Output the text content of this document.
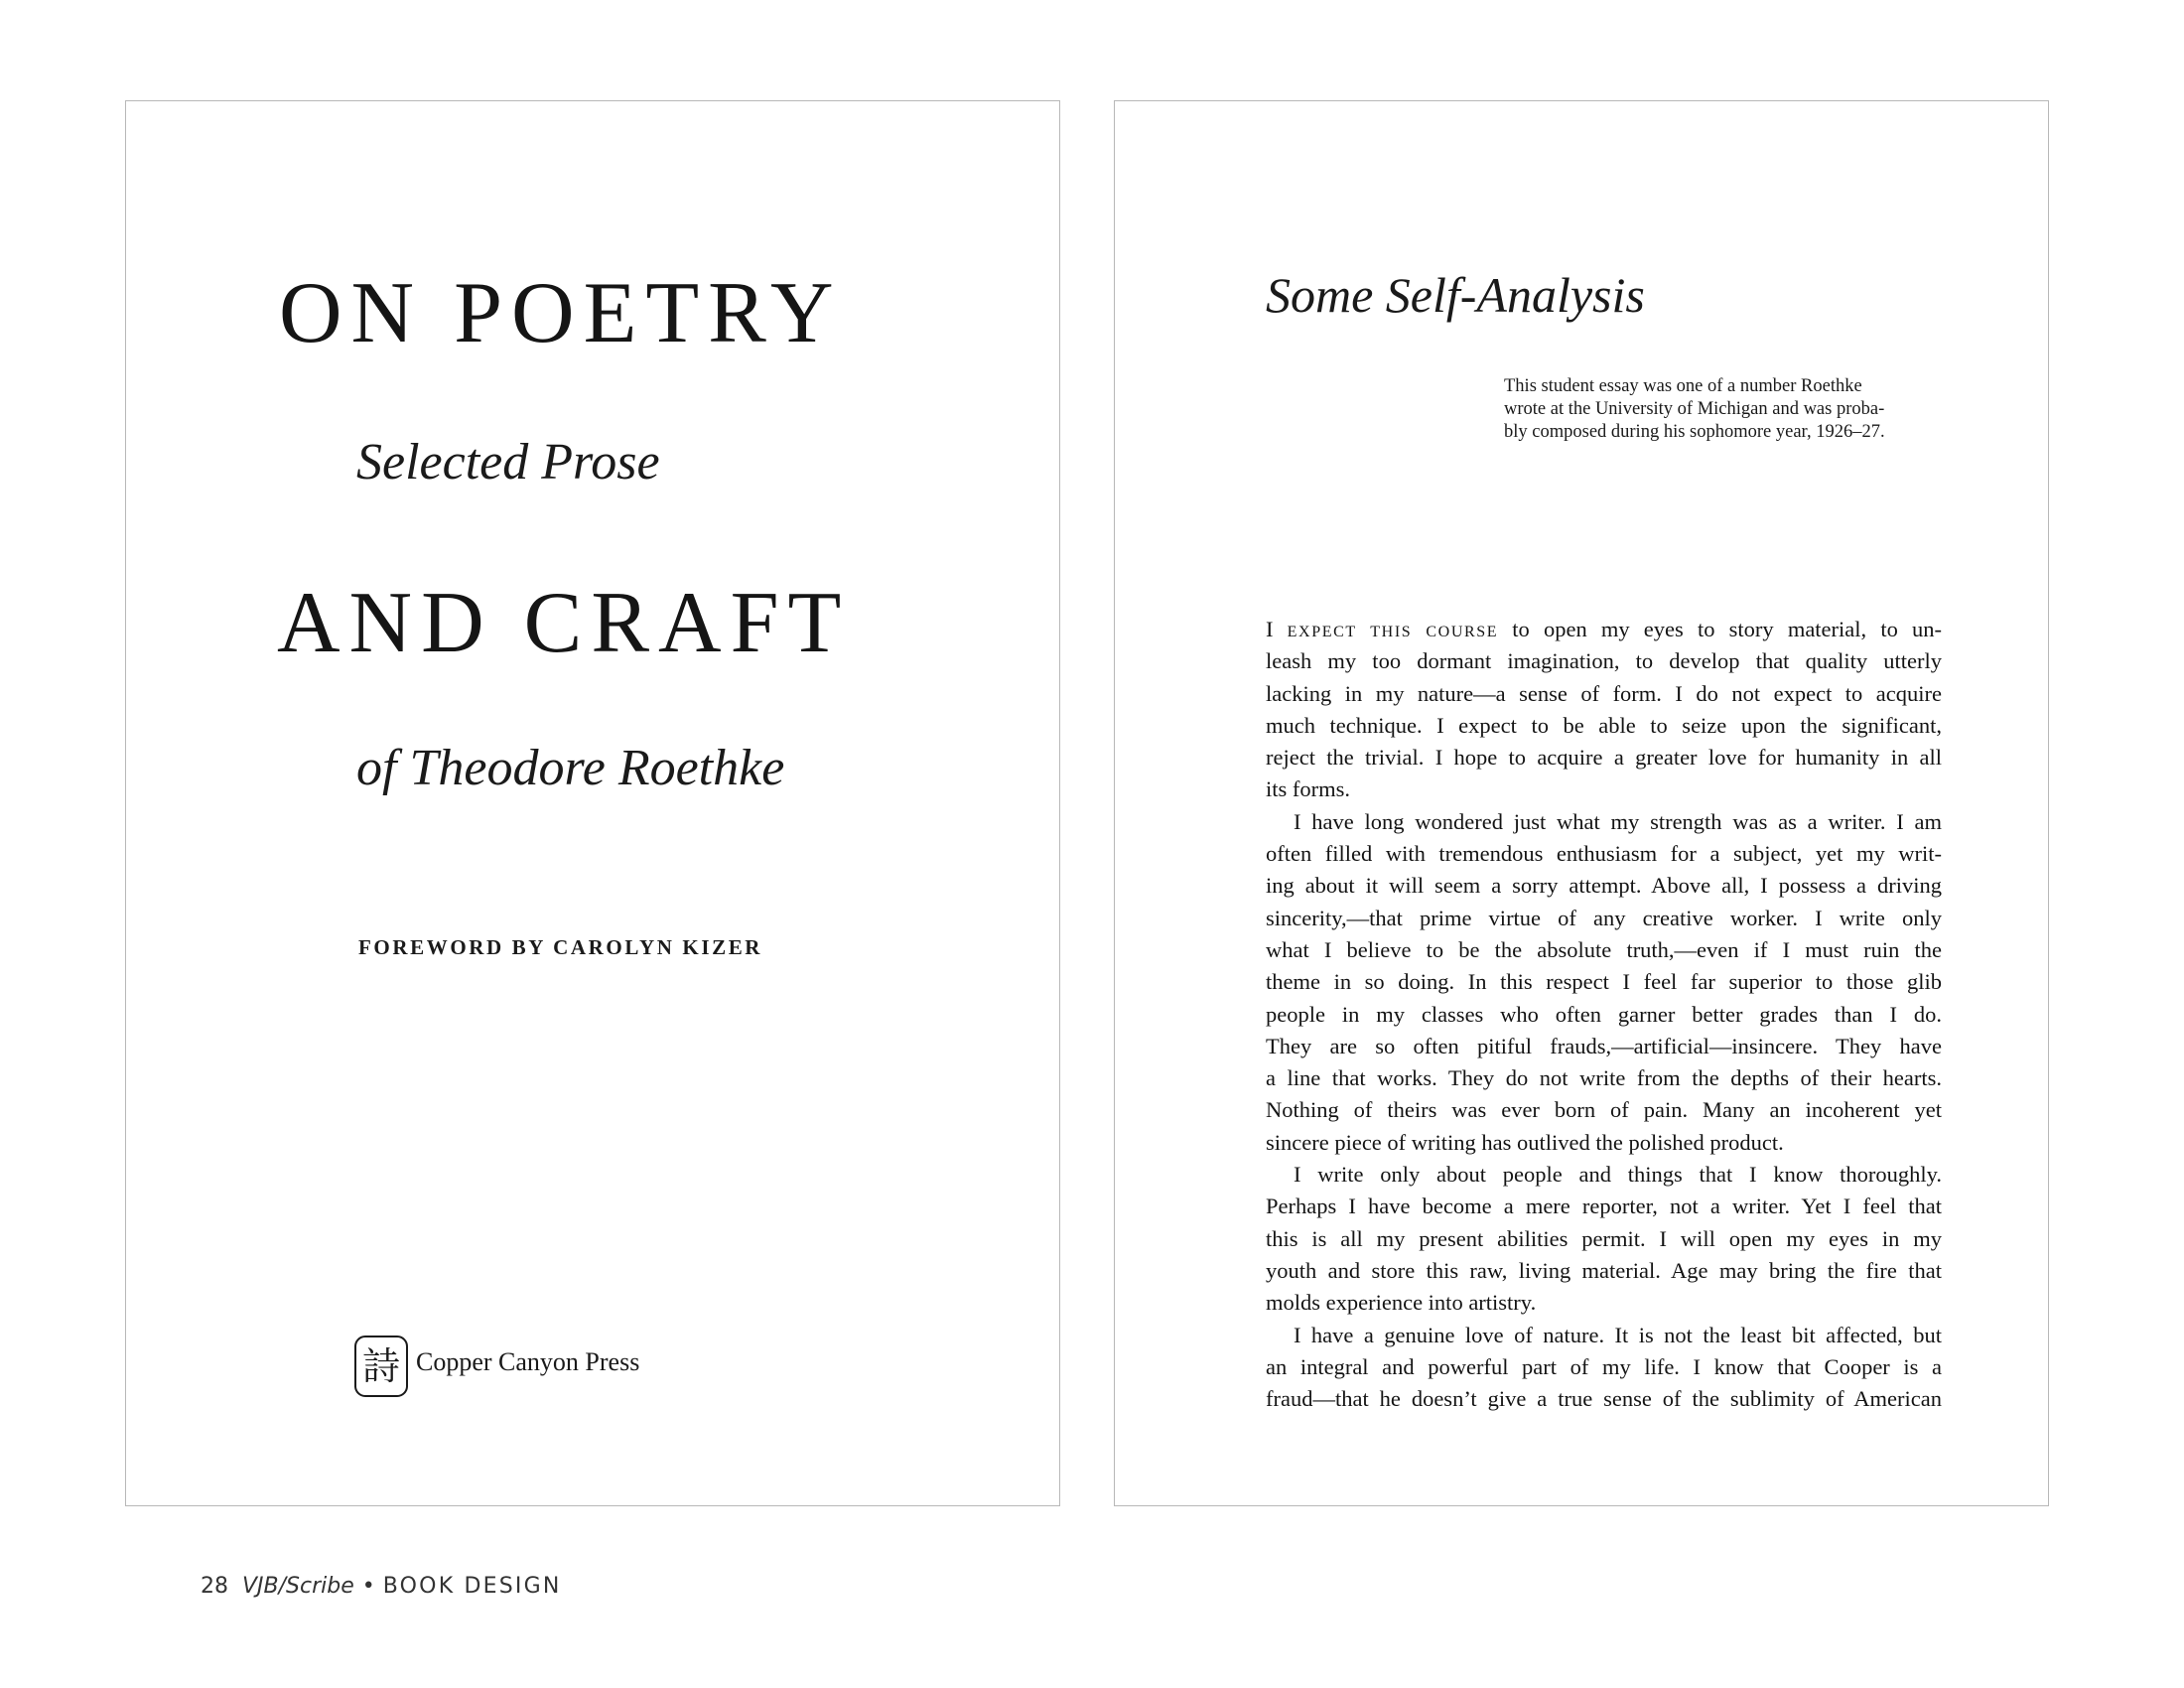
ON POETRY
Selected Prose
AND CRAFT
of Theodore Roethke
FOREWORD BY CAROLYN KIZER
詩 Copper Canyon Press
Some Self-Analysis
This student essay was one of a number Roethke
wrote at the University of Michigan and was proba-
bly composed during his sophomore year, 1926–27.
I EXPECT THIS COURSE to open my eyes to story material, to un-
leash my too dormant imagination, to develop that quality utterly
lacking in my nature—a sense of form. I do not expect to acquire
much technique. I expect to be able to seize upon the significant,
reject the trivial. I hope to acquire a greater love for humanity in all
its forms.
I have long wondered just what my strength was as a writer. I am
often filled with tremendous enthusiasm for a subject, yet my writ-
ing about it will seem a sorry attempt. Above all, I possess a driving
sincerity,—that prime virtue of any creative worker. I write only
what I believe to be the absolute truth,—even if I must ruin the
theme in so doing. In this respect I feel far superior to those glib
people in my classes who often garner better grades than I do.
They are so often pitiful frauds,—artificial—insincere. They have
a line that works. They do not write from the depths of their hearts.
Nothing of theirs was ever born of pain. Many an incoherent yet
sincere piece of writing has outlived the polished product.
I write only about people and things that I know thoroughly.
Perhaps I have become a mere reporter, not a writer. Yet I feel that
this is all my present abilities permit. I will open my eyes in my
youth and store this raw, living material. Age may bring the fire that
molds experience into artistry.
I have a genuine love of nature. It is not the least bit affected, but
an integral and powerful part of my life. I know that Cooper is a
fraud—that he doesn’t give a true sense of the sublimity of American
28 VJB/Scribe • BOOK DESIGN
